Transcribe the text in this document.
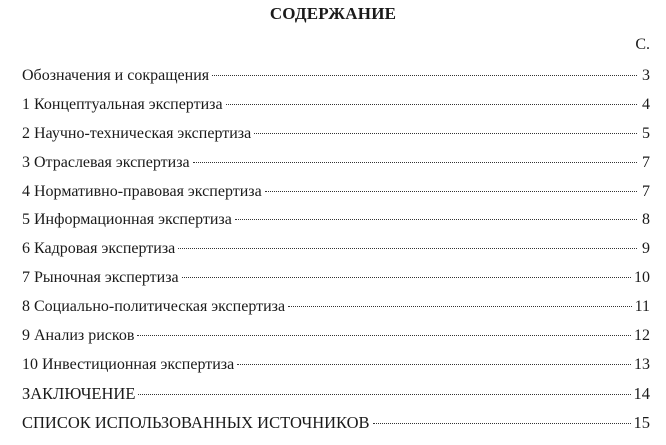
СОДЕРЖАНИЕ
С.
Обозначения и сокращения	3
1 Концептуальная экспертиза	4
2 Научно-техническая экспертиза	5
3 Отраслевая экспертиза	7
4 Нормативно-правовая экспертиза	7
5 Информационная экспертиза	8
6 Кадровая экспертиза	9
7 Рыночная экспертиза	10
8 Социально-политическая экспертиза	11
9 Анализ рисков	12
10 Инвестиционная экспертиза	13
ЗАКЛЮЧЕНИЕ	14
СПИСОК ИСПОЛЬЗОВАННЫХ ИСТОЧНИКОВ	15
